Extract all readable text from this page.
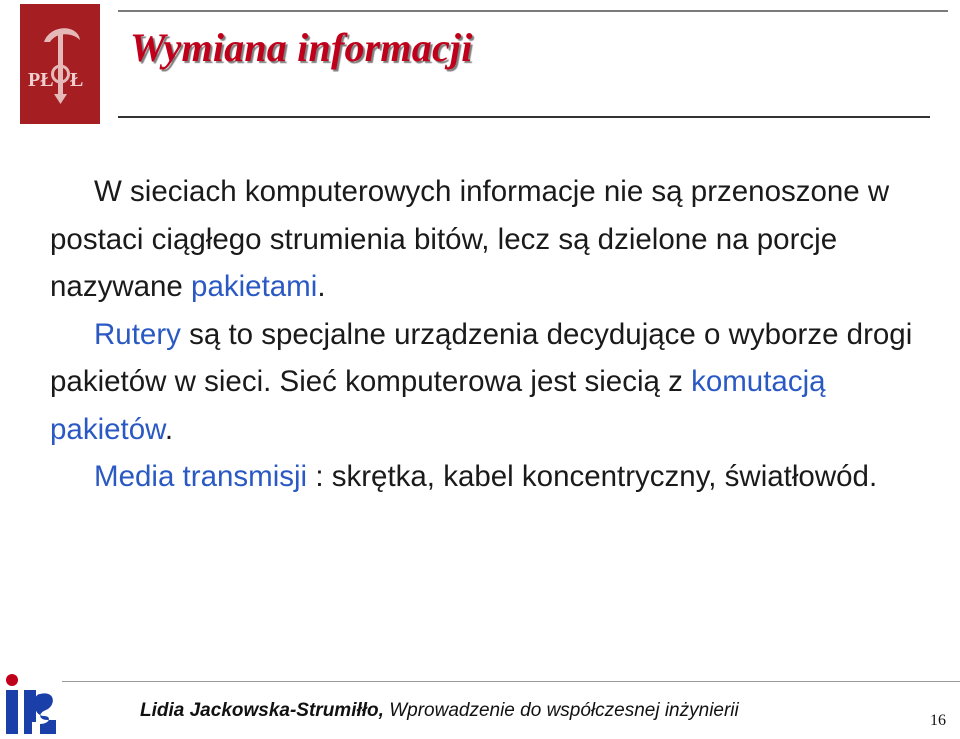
PŁ Ł
Wymiana informacji

W sieciach komputerowych informacje nie są przenoszone w postaci ciągłego strumienia bitów, lecz są dzielone na porcje nazywane pakietami.

Rutery są to specjalne urządzenia decydujące o wyborze drogi pakietów w sieci. Sieć komputerowa jest siecią z komutacją pakietów.

Media transmisji : skrętka, kabel koncentryczny, światłowód.

Lidia Jackowska-Strumiłło, Wprowadzenie do współczesnej inżynierii	16
